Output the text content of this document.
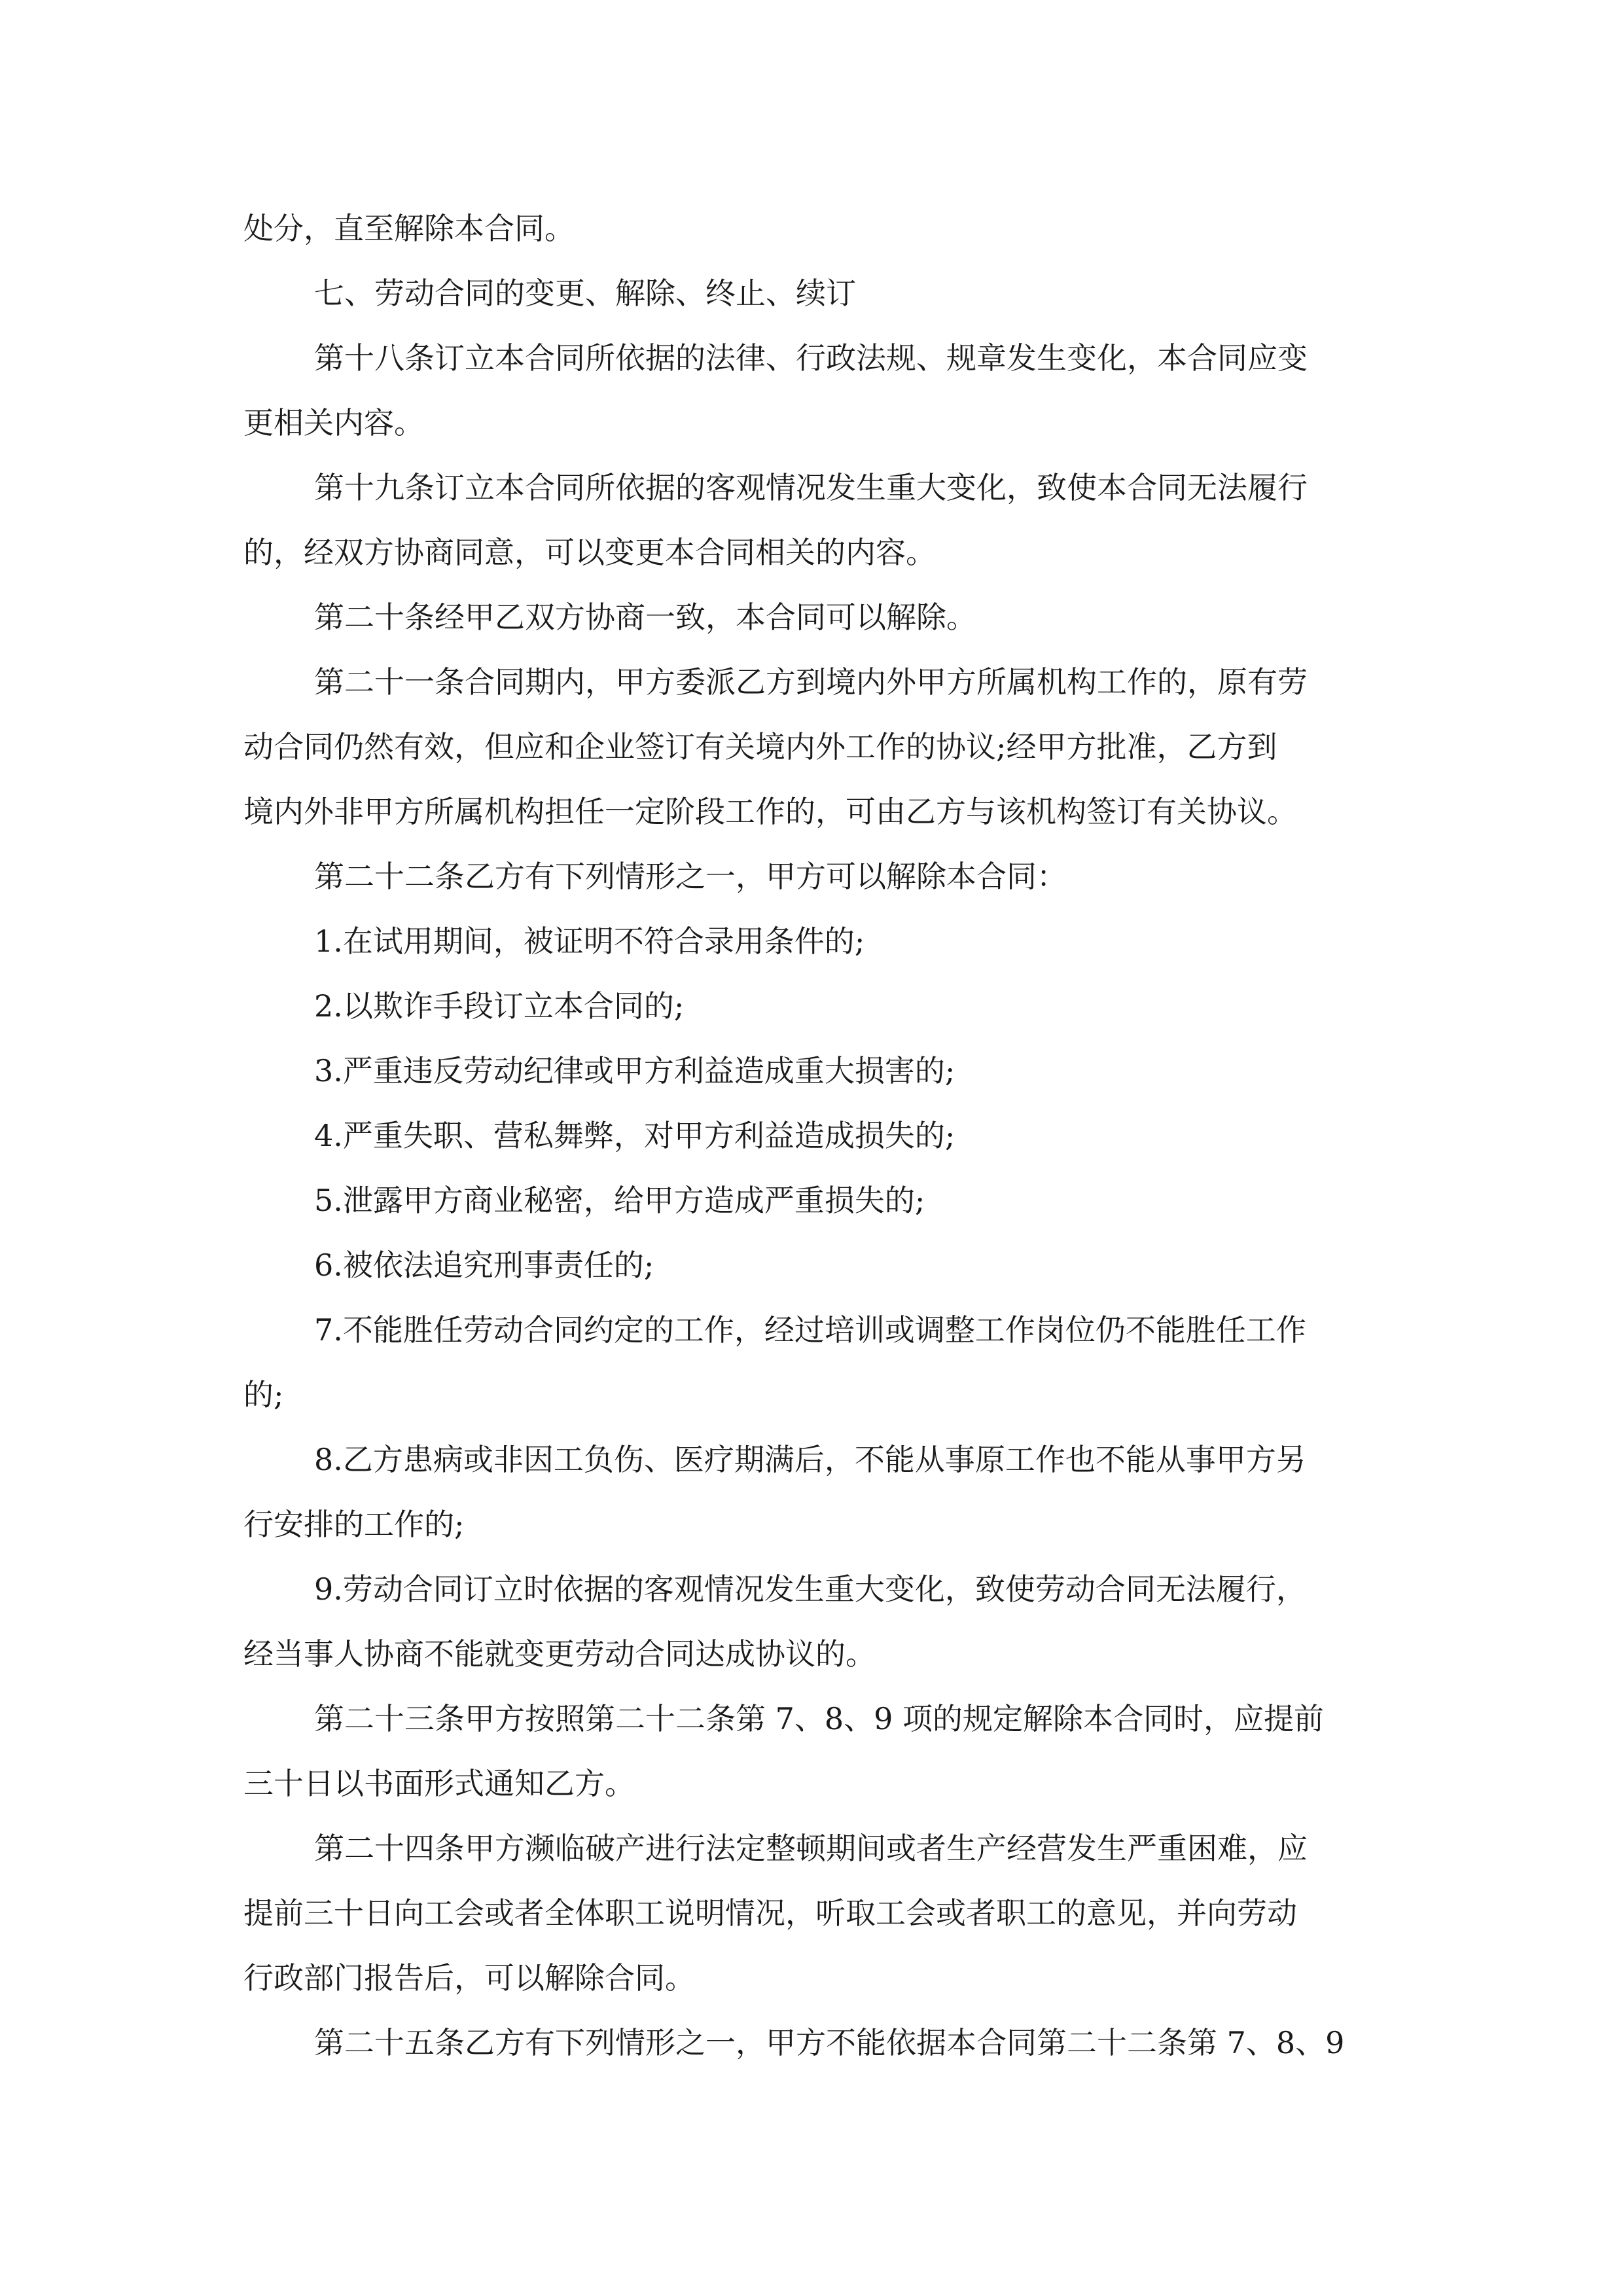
处分，直至解除本合同。

七、劳动合同的变更、解除、终止、续订

第十八条订立本合同所依据的法律、行政法规、规章发生变化，本合同应变

更相关内容。

第十九条订立本合同所依据的客观情况发生重大变化，致使本合同无法履行

的，经双方协商同意，可以变更本合同相关的内容。

第二十条经甲乙双方协商一致，本合同可以解除。

第二十一条合同期内，甲方委派乙方到境内外甲方所属机构工作的，原有劳

动合同仍然有效，但应和企业签订有关境内外工作的协议;经甲方批准，乙方到

境内外非甲方所属机构担任一定阶段工作的，可由乙方与该机构签订有关协议。

第二十二条乙方有下列情形之一，甲方可以解除本合同：

1.在试用期间，被证明不符合录用条件的;

2.以欺诈手段订立本合同的;

3.严重违反劳动纪律或甲方利益造成重大损害的;

4.严重失职、营私舞弊，对甲方利益造成损失的;

5.泄露甲方商业秘密，给甲方造成严重损失的;

6.被依法追究刑事责任的;

7.不能胜任劳动合同约定的工作，经过培训或调整工作岗位仍不能胜任工作

的;

8.乙方患病或非因工负伤、医疗期满后，不能从事原工作也不能从事甲方另

行安排的工作的;

9.劳动合同订立时依据的客观情况发生重大变化，致使劳动合同无法履行，

经当事人协商不能就变更劳动合同达成协议的。

第二十三条甲方按照第二十二条第 7、8、9 项的规定解除本合同时，应提前

三十日以书面形式通知乙方。

第二十四条甲方濒临破产进行法定整顿期间或者生产经营发生严重困难，应

提前三十日向工会或者全体职工说明情况，听取工会或者职工的意见，并向劳动

行政部门报告后，可以解除合同。

第二十五条乙方有下列情形之一，甲方不能依据本合同第二十二条第 7、8、9
